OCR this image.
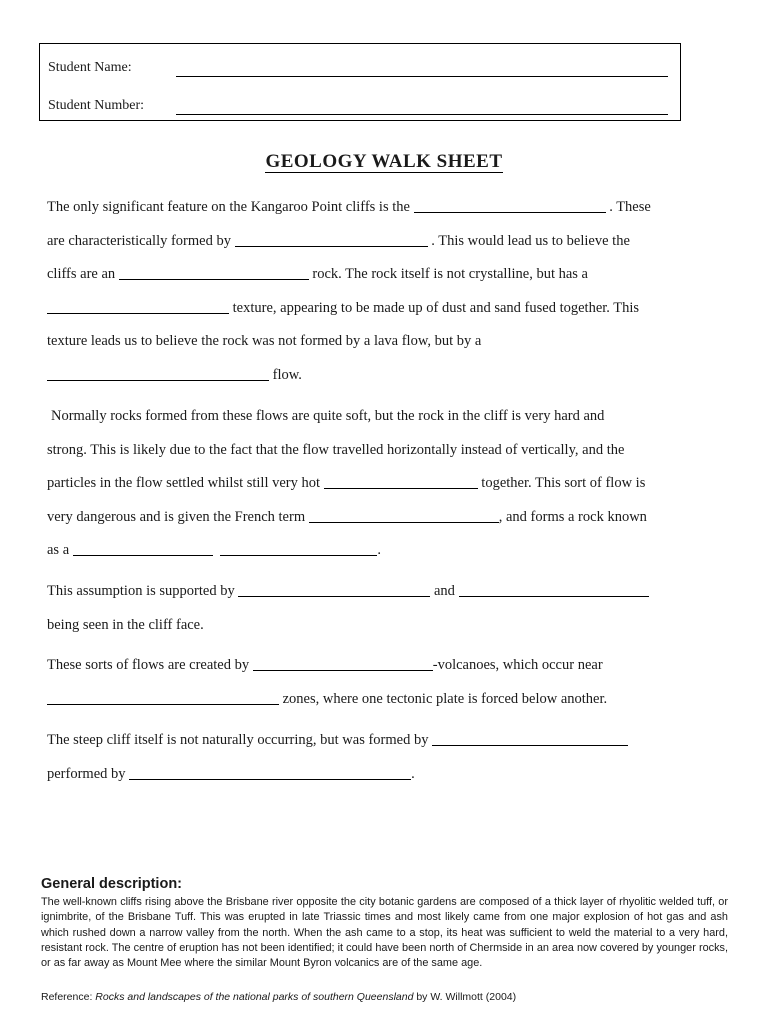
Student Name:
Student Number:
GEOLOGY WALK SHEET
The only significant feature on the Kangaroo Point cliffs is the	. These
are characteristically formed by	. This would lead us to believe the
cliffs are an	rock. The rock itself is not crystalline, but has a
texture, appearing to be made up of dust and sand fused together. This
texture leads us to believe the rock was not formed by a lava flow, but by a
flow.
Normally rocks formed from these flows are quite soft, but the rock in the cliff is very hard and
strong. This is likely due to the fact that the flow travelled horizontally instead of vertically, and the
particles in the flow settled whilst still very hot	together. This sort of flow is
very dangerous and is given the French term	, and forms a rock known
as a	.
This assumption is supported by	and
being seen in the cliff face.
These sorts of flows are created by	-volcanoes, which occur near
zones, where one tectonic plate is forced below another.
The steep cliff itself is not naturally occurring, but was formed by
performed by	.
General description:

The well-known cliffs rising above the Brisbane river opposite the city botanic gardens are composed of a thick layer of rhyolitic welded tuff, or ignimbrite, of the Brisbane Tuff. This was erupted in late Triassic times and most likely came from one major explosion of hot gas and ash which rushed down a narrow valley from the north. When the ash came to a stop, its heat was sufficient to weld the material to a very hard, resistant rock. The centre of eruption has not been identified; it could have been north of Chermside in an area now covered by younger rocks, or as far away as Mount Mee where the similar Mount Byron volcanics are of the same age.

Reference: Rocks and landscapes of the national parks of southern Queensland by W. Willmott (2004)
